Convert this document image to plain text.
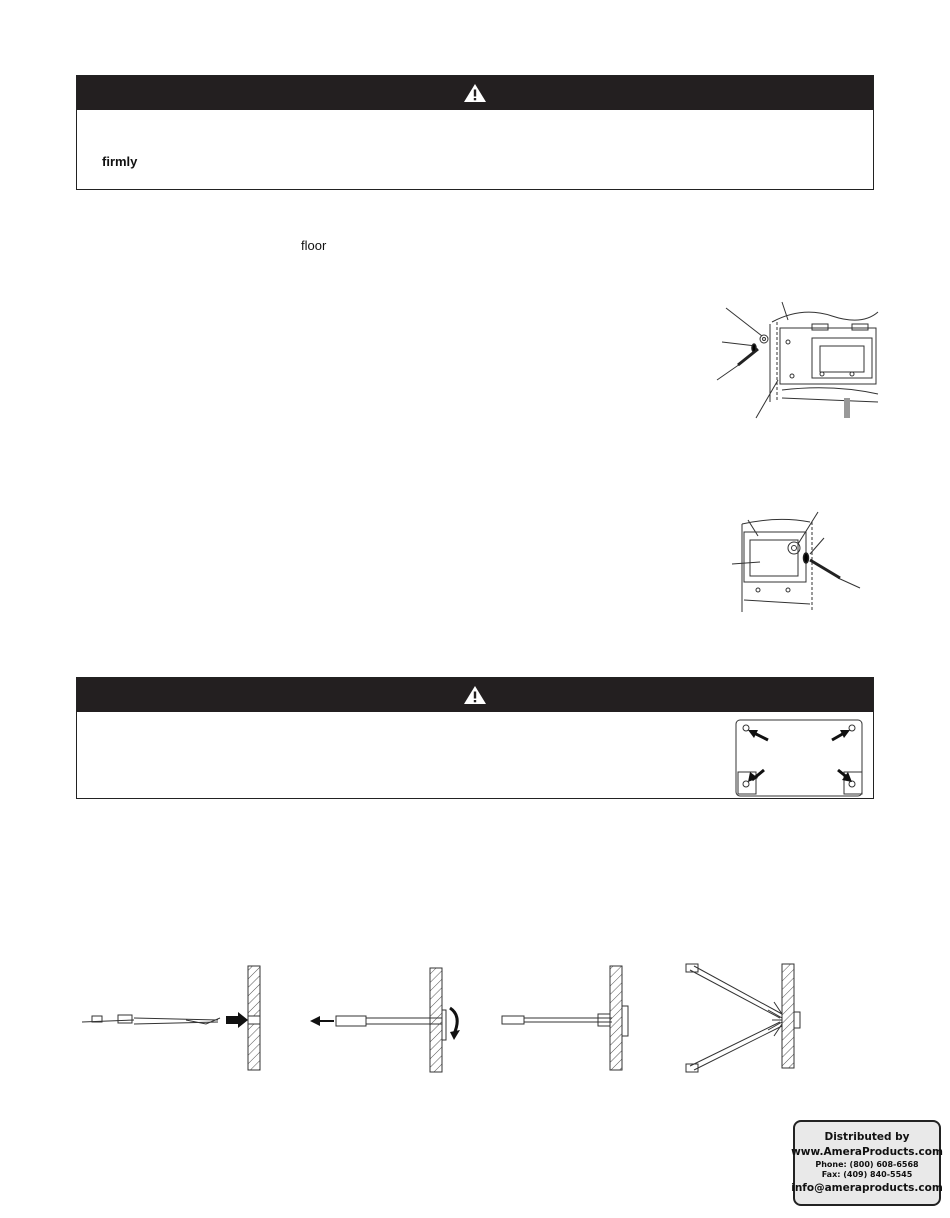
firmly
floor
Distributed by
www.AmeraProducts.com
Phone: (800) 608-6568
Fax: (409) 840-5545
info@ameraproducts.com
